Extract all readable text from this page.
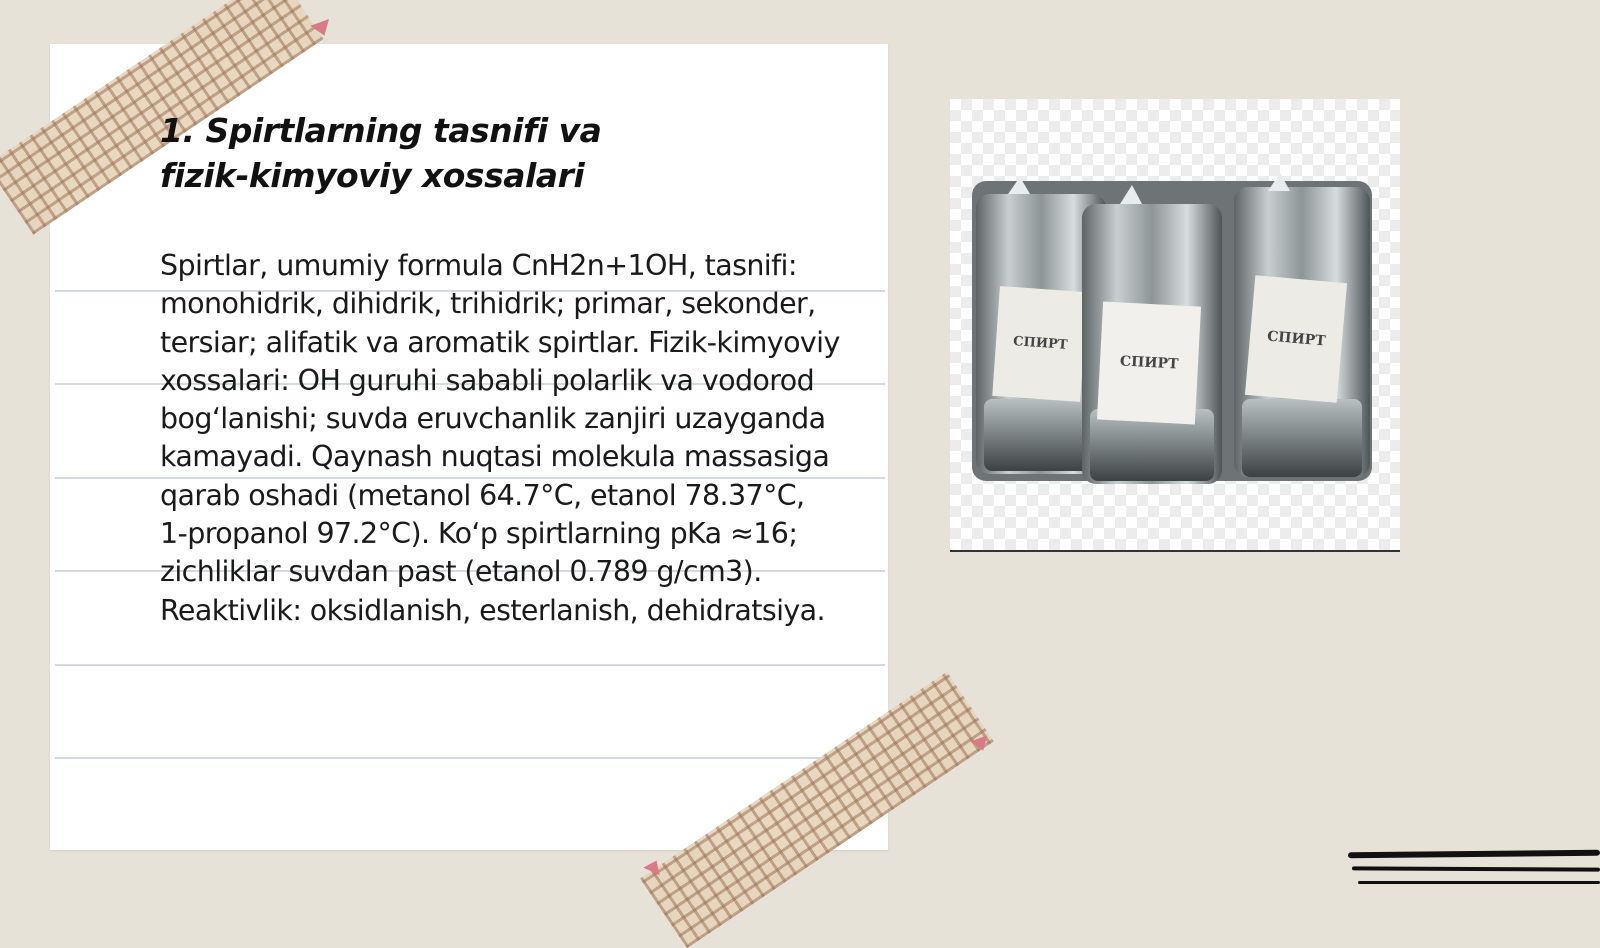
1. Spirtlarning tasnifi va
fizik-kimyoviy xossalari

Spirtlar, umumiy formula CnH2n+1OH, tasnifi: monohidrik, dihidrik, trihidrik; primar, sekonder, tersiar; alifatik va aromatik spirtlar. Fizik-kimyoviy xossalari: OH guruhi sababli polarlik va vodorod bogʻlanishi; suvda eruvchanlik zanjiri uzayganda kamayadi. Qaynash nuqtasi molekula massasiga qarab oshadi (metanol 64.7°C, etanol 78.37°C, 1-propanol 97.2°C). Koʻp spirtlarning pKa ≈16; zichliklar suvdan past (etanol 0.789 g/cm3). Reaktivlik: oksidlanish, esterlanish, dehidratsiya.

СПИРТ
СПИРТ
СПИРТ
